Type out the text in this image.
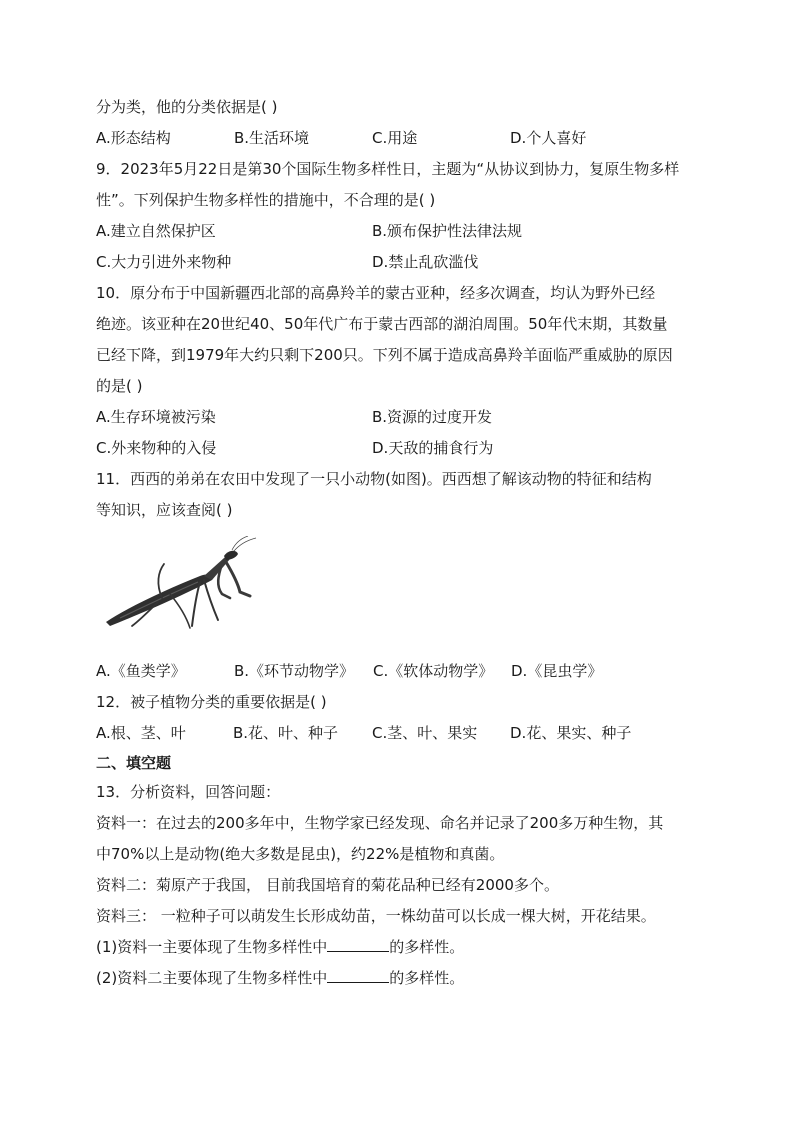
分为类，他的分类依据是( )
A.形态结构	B.生活环境	C.用途	D.个人喜好
9．2023年5月22日是第30个国际生物多样性日，主题为“从协议到协力，复原生物多样
性”。下列保护生物多样性的措施中，不合理的是( )
A.建立自然保护区	B.颁布保护性法律法规
C.大力引进外来物种	D.禁止乱砍滥伐
10．原分布于中国新疆西北部的高鼻羚羊的蒙古亚种，经多次调查，均认为野外已经
绝迹。该亚种在20世纪40、50年代广布于蒙古西部的湖泊周围。50年代末期，其数量
已经下降，到1979年大约只剩下200只。下列不属于造成高鼻羚羊面临严重威胁的原因
的是( )
A.生存环境被污染	B.资源的过度开发
C.外来物种的入侵	D.天敌的捕食行为
11．西西的弟弟在农田中发现了一只小动物(如图)。西西想了解该动物的特征和结构
等知识，应该查阅( )
A.《鱼类学》	B.《环节动物学》	C.《软体动物学》	D.《昆虫学》
12．被子植物分类的重要依据是( )
A.根、茎、叶	B.花、叶、种子	C.茎、叶、果实	D.花、果实、种子
二、填空题
13．分析资料，回答问题：
资料一：在过去的200多年中，生物学家已经发现、命名并记录了200多万种生物，其
中70%以上是动物(绝大多数是昆虫)，约22%是植物和真菌。
资料二：菊原产于我国， 目前我国培育的菊花品种已经有2000多个。
资料三： 一粒种子可以萌发生长形成幼苗，一株幼苗可以长成一棵大树，开花结果。
(1)资料一主要体现了生物多样性中	的多样性。
(2)资料二主要体现了生物多样性中	的多样性。
